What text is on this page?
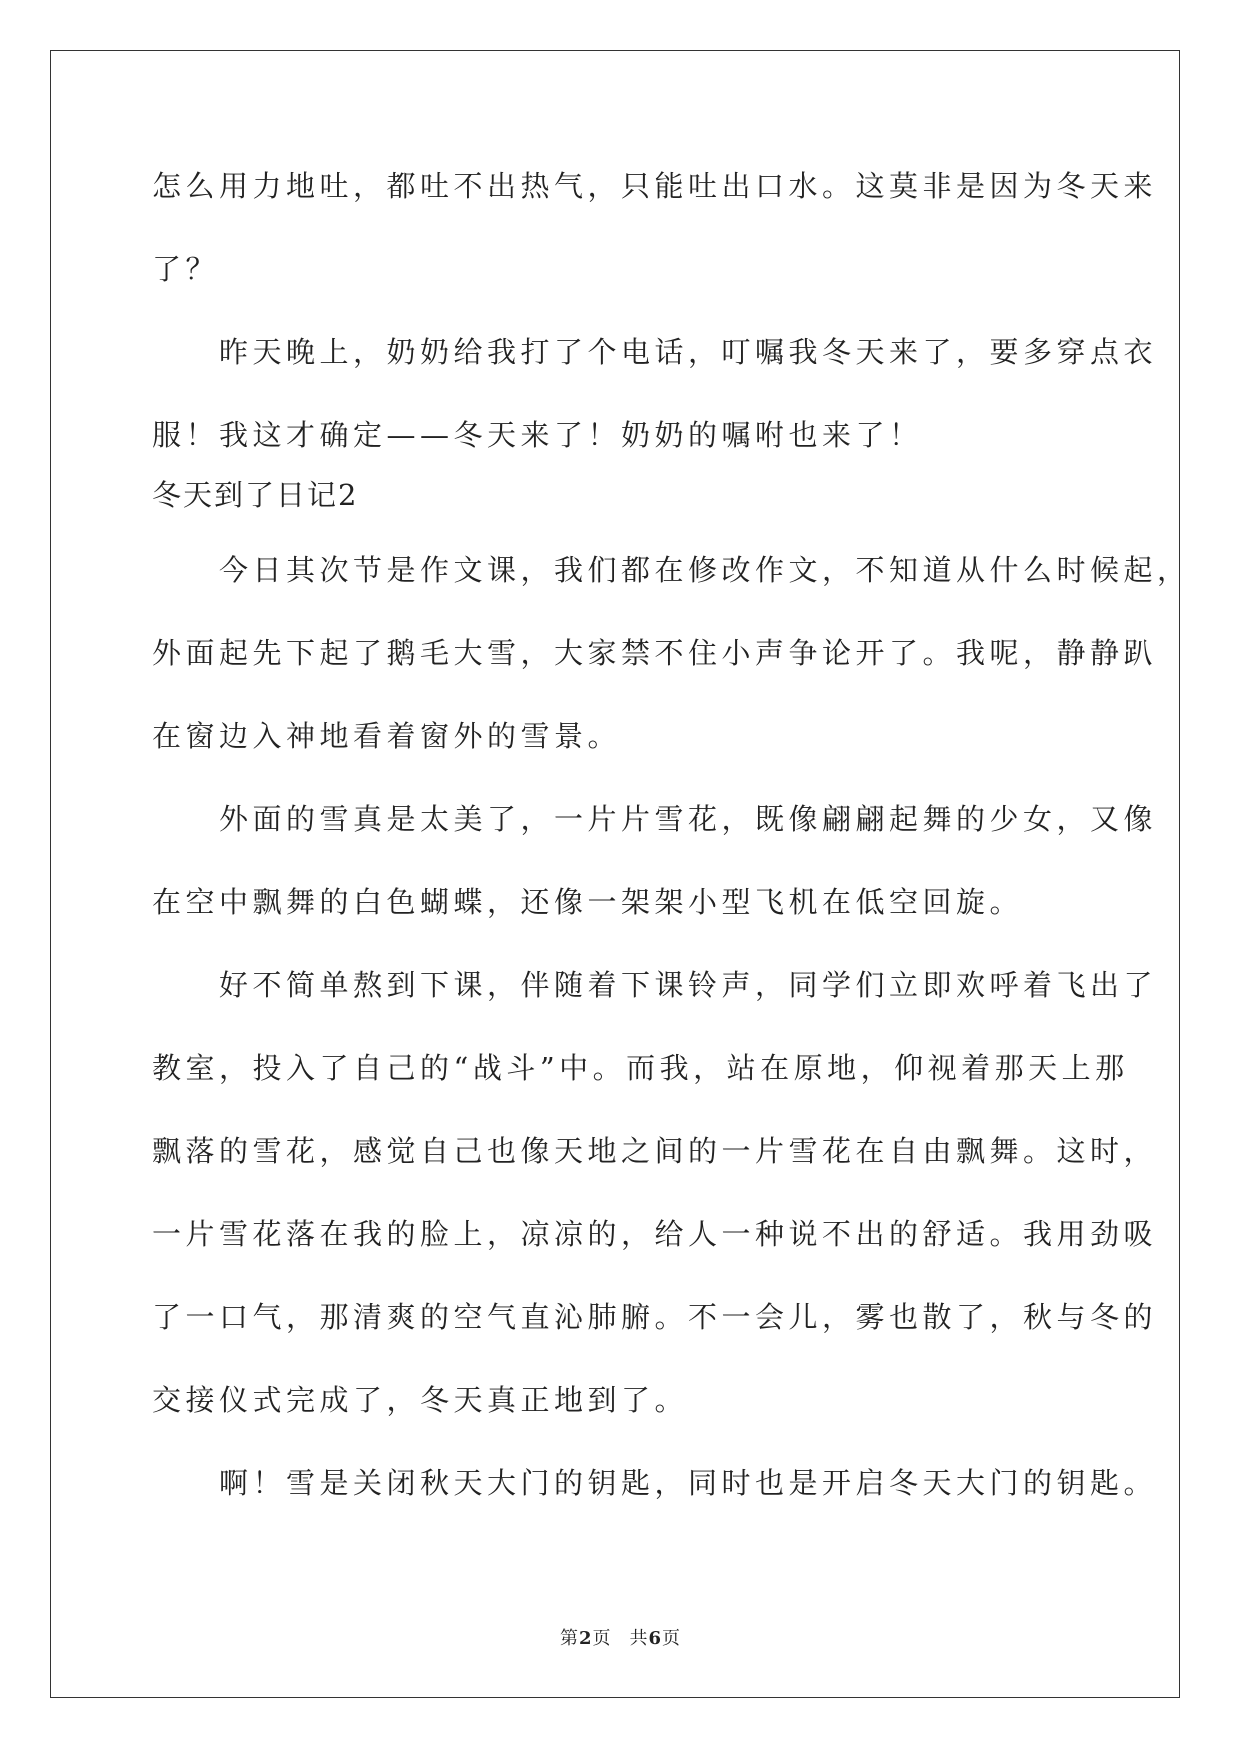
怎么用力地吐，都吐不出热气，只能吐出口水。这莫非是因为冬天来
了？
　　昨天晚上，奶奶给我打了个电话，叮嘱我冬天来了，要多穿点衣
服！我这才确定——冬天来了！奶奶的嘱咐也来了！
冬天到了日记2
　　今日其次节是作文课，我们都在修改作文，不知道从什么时候起，
外面起先下起了鹅毛大雪，大家禁不住小声争论开了。我呢，静静趴
在窗边入神地看着窗外的雪景。
　　外面的雪真是太美了，一片片雪花，既像翩翩起舞的少女，又像
在空中飘舞的白色蝴蝶，还像一架架小型飞机在低空回旋。
　　好不简单熬到下课，伴随着下课铃声，同学们立即欢呼着飞出了
教室，投入了自己的“战斗”中。而我，站在原地，仰视着那天上那
飘落的雪花，感觉自己也像天地之间的一片雪花在自由飘舞。这时，
一片雪花落在我的脸上，凉凉的，给人一种说不出的舒适。我用劲吸
了一口气，那清爽的空气直沁肺腑。不一会儿，雾也散了，秋与冬的
交接仪式完成了，冬天真正地到了。
　　啊！雪是关闭秋天大门的钥匙，同时也是开启冬天大门的钥匙。
第2页 共6页
